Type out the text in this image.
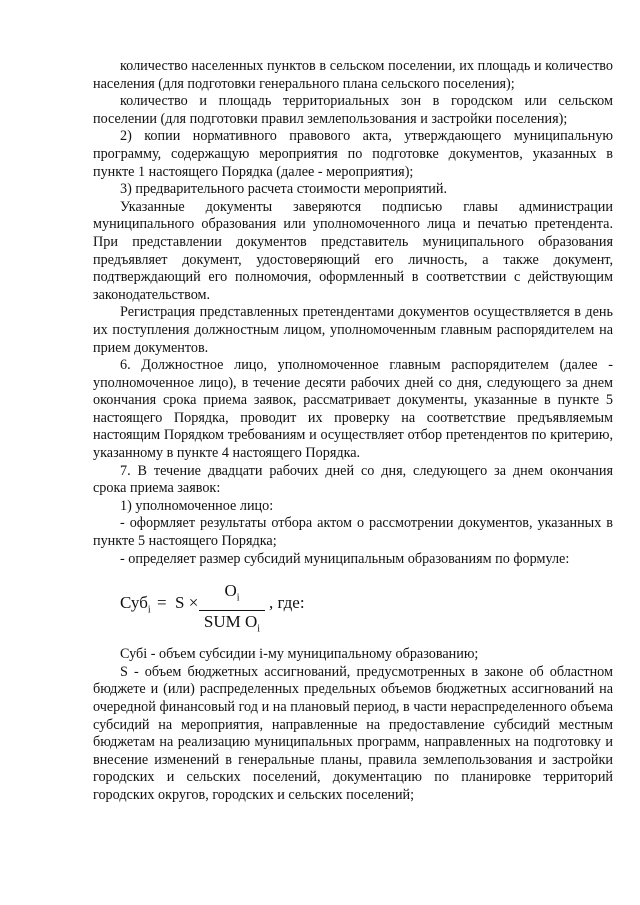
количество населенных пунктов в сельском поселении, их площадь и количество населения (для подготовки генерального плана сельского поселения);

количество и площадь территориальных зон в городском или сельском поселении (для подготовки правил землепользования и застройки поселения);

2) копии нормативного правового акта, утверждающего муниципальную программу, содержащую мероприятия по подготовке документов, указанных в пункте 1 настоящего Порядка (далее - мероприятия);

3) предварительного расчета стоимости мероприятий.

Указанные документы заверяются подписью главы администрации муниципального образования или уполномоченного лица и печатью претендента. При представлении документов представитель муниципального образования предъявляет документ, удостоверяющий его личность, а также документ, подтверждающий его полномочия, оформленный в соответствии с действующим законодательством.

Регистрация представленных претендентами документов осуществляется в день их поступления должностным лицом, уполномоченным главным распорядителем на прием документов.

6. Должностное лицо, уполномоченное главным распорядителем (далее - уполномоченное лицо), в течение десяти рабочих дней со дня, следующего за днем окончания срока приема заявок, рассматривает документы, указанные в пункте 5 настоящего Порядка, проводит их проверку на соответствие предъявляемым настоящим Порядком требованиям и осуществляет отбор претендентов по критерию, указанному в пункте 4 настоящего Порядка.

7. В течение двадцати рабочих дней со дня, следующего за днем окончания срока приема заявок:

1) уполномоченное лицо:

- оформляет результаты отбора актом о рассмотрении документов, указанных в пункте 5 настоящего Порядка;

- определяет размер субсидий муниципальным образованиям по формуле:

Суб$_i$ = S ×
$O_i$
SUM $O_i$
, где:

Субi - объем субсидии i-му муниципальному образованию;

S - объем бюджетных ассигнований, предусмотренных в законе об областном бюджете и (или) распределенных предельных объемов бюджетных ассигнований на очередной финансовый год и на плановый период, в части нераспределенного объема субсидий на мероприятия, направленные на предоставление субсидий местным бюджетам на реализацию муниципальных программ, направленных на подготовку и внесение изменений в генеральные планы, правила землепользования и застройки городских и сельских поселений, документацию по планировке территорий городских округов, городских и сельских поселений;
